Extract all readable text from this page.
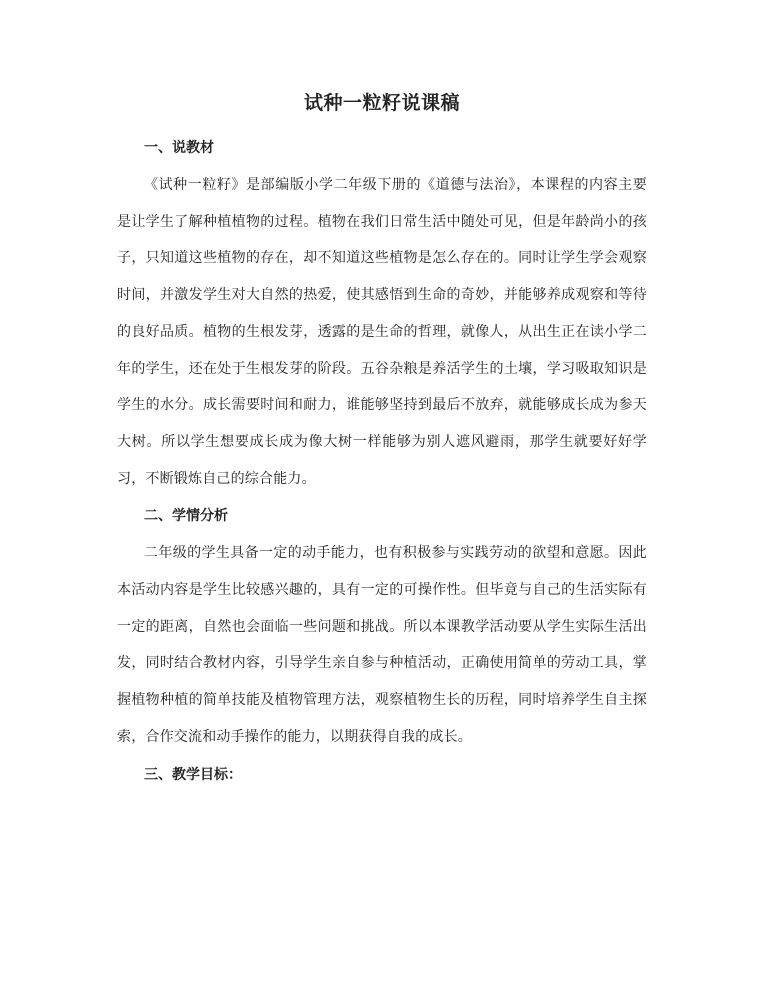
试种一粒籽说课稿
一、说教材

《试种一粒籽》是部编版小学二年级下册的《道德与法治》，本课程的内容主要是让学生了解种植植物的过程。植物在我们日常生活中随处可见，但是年龄尚小的孩子，只知道这些植物的存在，却不知道这些植物是怎么存在的。同时让学生学会观察时间，并激发学生对大自然的热爱，使其感悟到生命的奇妙，并能够养成观察和等待的良好品质。植物的生根发芽，透露的是生命的哲理，就像人，从出生正在读小学二年的学生，还在处于生根发芽的阶段。五谷杂粮是养活学生的土壤，学习吸取知识是学生的水分。成长需要时间和耐力，谁能够坚持到最后不放弃，就能够成长成为参天大树。所以学生想要成长成为像大树一样能够为别人遮风避雨，那学生就要好好学习，不断锻炼自己的综合能力。

二、学情分析

二年级的学生具备一定的动手能力，也有积极参与实践劳动的欲望和意愿。因此本活动内容是学生比较感兴趣的，具有一定的可操作性。但毕竟与自己的生活实际有一定的距离，自然也会面临一些问题和挑战。所以本课教学活动要从学生实际生活出发，同时结合教材内容，引导学生亲自参与种植活动，正确使用简单的劳动工具，掌握植物种植的简单技能及植物管理方法，观察植物生长的历程，同时培养学生自主探索，合作交流和动手操作的能力，以期获得自我的成长。

三、教学目标：
